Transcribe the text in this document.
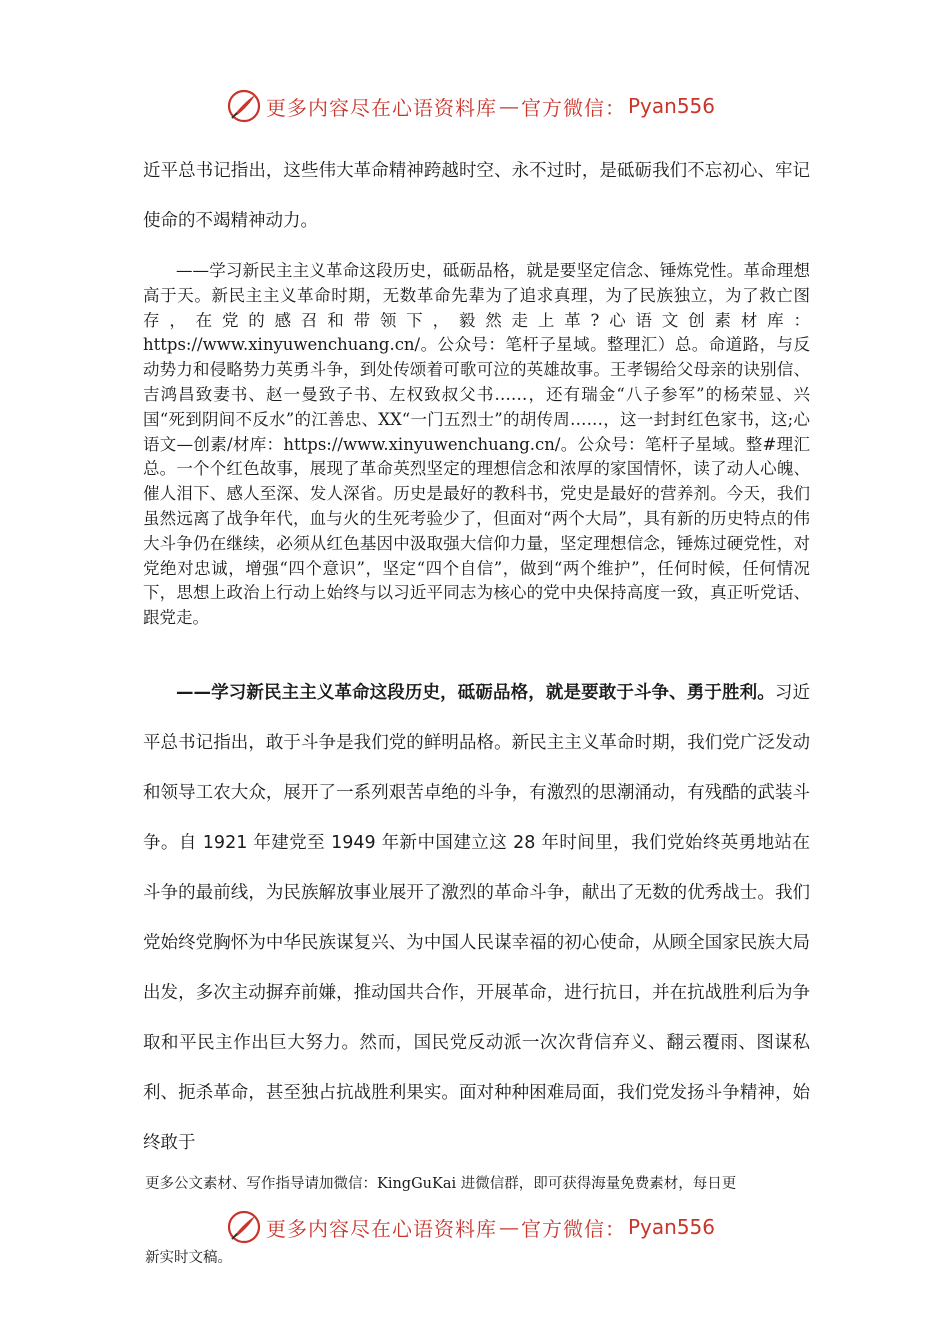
更多内容尽在心语资料库 — 官方微信： Pyan556

近平总书记指出，这些伟大革命精神跨越时空、永不过时，是砥砺我们不忘初心、牢记使命的不竭精神动力。

——学习新民主主义革命这段历史，砥砺品格，就是要坚定信念、锤炼党性。革命理想高于天。新民主主义革命时期，无数革命先辈为了追求真理，为了民族独立，为了救亡图存，在党的感召和带领下，毅然走上革?心语文创素材库：https://www.xinyuwenchuang.cn/。公众号：笔杆子星域。整理汇）总。命道路，与反动势力和侵略势力英勇斗争，到处传颂着可歌可泣的英雄故事。王孝锡给父母亲的诀别信、吉鸿昌致妻书、赵一曼致子书、左权致叔父书……，还有瑞金“八子参军”的杨荣显、兴国“死到阴间不反水”的江善忠、XX“一门五烈士”的胡传周……，这一封封红色家书，这;心语文—创素/材库：https://www.xinyuwenchuang.cn/。公众号：笔杆子星域。整#理汇总。一个个红色故事，展现了革命英烈坚定的理想信念和浓厚的家国情怀，读了动人心魄、催人泪下、感人至深、发人深省。历史是最好的教科书，党史是最好的营养剂。今天，我们虽然远离了战争年代，血与火的生死考验少了，但面对“两个大局”，具有新的历史特点的伟大斗争仍在继续，必须从红色基因中汲取强大信仰力量，坚定理想信念，锤炼过硬党性，对党绝对忠诚，增强“四个意识”，坚定“四个自信”，做到“两个维护”，任何时候，任何情况下，思想上政治上行动上始终与以习近平同志为核心的党中央保持高度一致，真正听党话、跟党走。

——学习新民主主义革命这段历史，砥砺品格，就是要敢于斗争、勇于胜利。习近平总书记指出，敢于斗争是我们党的鲜明品格。新民主主义革命时期，我们党广泛发动和领导工农大众，展开了一系列艰苦卓绝的斗争，有激烈的思潮涌动，有残酷的武装斗争。自 1921 年建党至 1949 年新中国建立这 28 年时间里，我们党始终英勇地站在斗争的最前线，为民族解放事业展开了激烈的革命斗争，献出了无数的优秀战士。我们党始终党胸怀为中华民族谋复兴、为中国人民谋幸福的初心使命，从顾全国家民族大局出发，多次主动摒弃前嫌，推动国共合作，开展革命，进行抗日，并在抗战胜利后为争取和平民主作出巨大努力。然而，国民党反动派一次次背信弃义、翻云覆雨、图谋私利、扼杀革命，甚至独占抗战胜利果实。面对种种困难局面，我们党发扬斗争精神，始终敢于

更多公文素材、写作指导请加微信：KingGuKai 进微信群，即可获得海量免费素材，每日更

更多内容尽在心语资料库 — 官方微信： Pyan556

新实时文稿。
